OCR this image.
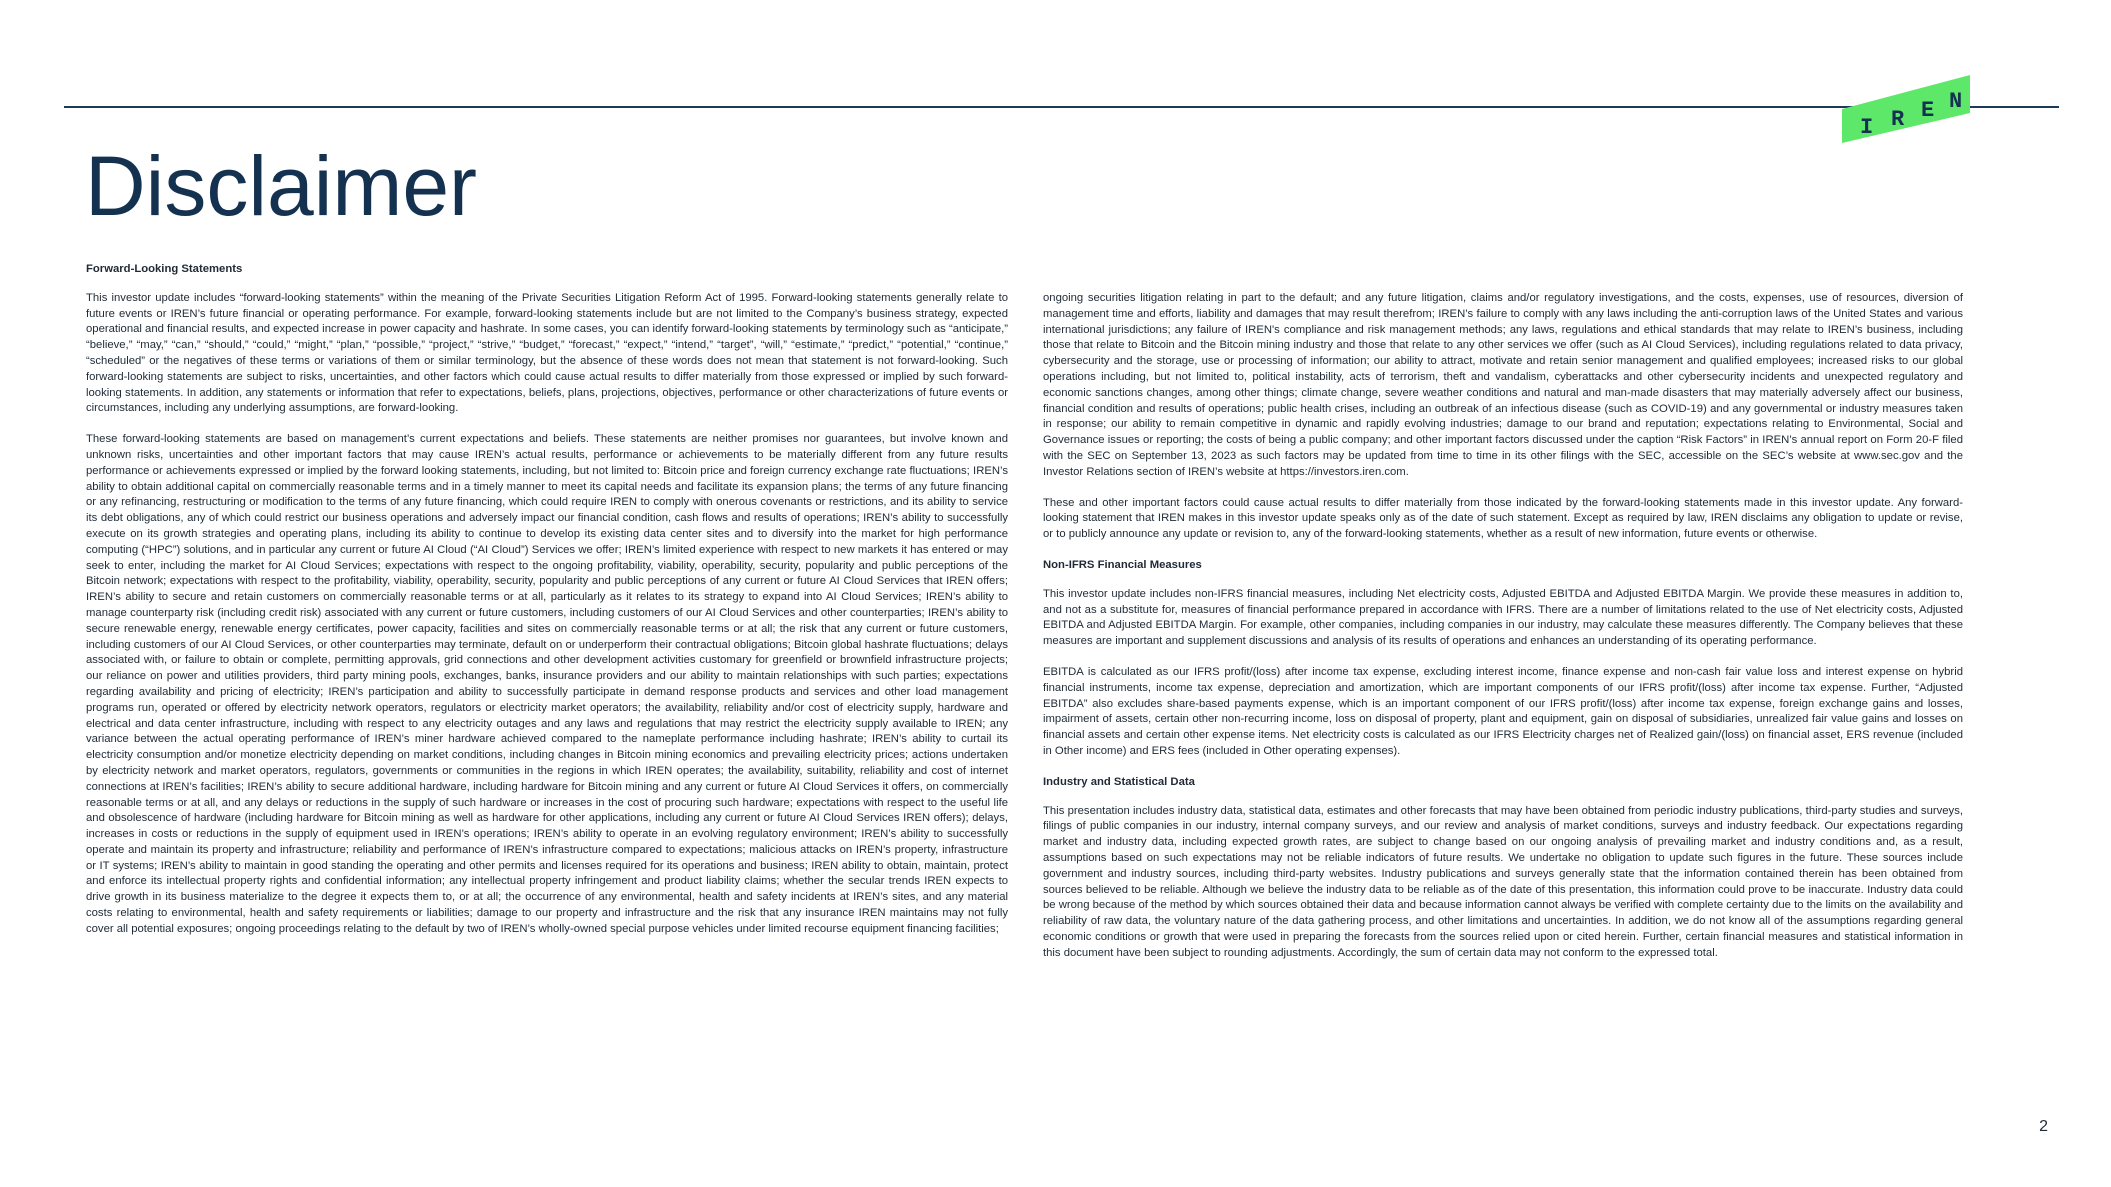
I R E N
Disclaimer

Forward-Looking Statements

This investor update includes “forward-looking statements” within the meaning of the Private Securities Litigation Reform Act of 1995. Forward-looking statements generally relate to future events or IREN’s future financial or operating performance. For example, forward-looking statements include but are not limited to the Company’s business strategy, expected operational and financial results, and expected increase in power capacity and hashrate. In some cases, you can identify forward-looking statements by terminology such as “anticipate,” “believe,” “may,” “can,” “should,” “could,” “might,” “plan,” “possible,” “project,” “strive,” “budget,” “forecast,” “expect,” “intend,” “target”, “will,” “estimate,” “predict,” “potential,” “continue,” “scheduled” or the negatives of these terms or variations of them or similar terminology, but the absence of these words does not mean that statement is not forward-looking. Such forward-looking statements are subject to risks, uncertainties, and other factors which could cause actual results to differ materially from those expressed or implied by such forward-looking statements. In addition, any statements or information that refer to expectations, beliefs, plans, projections, objectives, performance or other characterizations of future events or circumstances, including any underlying assumptions, are forward-looking.

These forward-looking statements are based on management’s current expectations and beliefs. These statements are neither promises nor guarantees, but involve known and unknown risks, uncertainties and other important factors that may cause IREN’s actual results, performance or achievements to be materially different from any future results performance or achievements expressed or implied by the forward looking statements, including, but not limited to: Bitcoin price and foreign currency exchange rate fluctuations; IREN’s ability to obtain additional capital on commercially reasonable terms and in a timely manner to meet its capital needs and facilitate its expansion plans; the terms of any future financing or any refinancing, restructuring or modification to the terms of any future financing, which could require IREN to comply with onerous covenants or restrictions, and its ability to service its debt obligations, any of which could restrict our business operations and adversely impact our financial condition, cash flows and results of operations; IREN’s ability to successfully execute on its growth strategies and operating plans, including its ability to continue to develop its existing data center sites and to diversify into the market for high performance computing (“HPC”) solutions, and in particular any current or future AI Cloud (“AI Cloud”) Services we offer; IREN’s limited experience with respect to new markets it has entered or may seek to enter, including the market for AI Cloud Services; expectations with respect to the ongoing profitability, viability, operability, security, popularity and public perceptions of the Bitcoin network; expectations with respect to the profitability, viability, operability, security, popularity and public perceptions of any current or future AI Cloud Services that IREN offers; IREN’s ability to secure and retain customers on commercially reasonable terms or at all, particularly as it relates to its strategy to expand into AI Cloud Services; IREN’s ability to manage counterparty risk (including credit risk) associated with any current or future customers, including customers of our AI Cloud Services and other counterparties; IREN’s ability to secure renewable energy, renewable energy certificates, power capacity, facilities and sites on commercially reasonable terms or at all; the risk that any current or future customers, including customers of our AI Cloud Services, or other counterparties may terminate, default on or underperform their contractual obligations; Bitcoin global hashrate fluctuations; delays associated with, or failure to obtain or complete, permitting approvals, grid connections and other development activities customary for greenfield or brownfield infrastructure projects; our reliance on power and utilities providers, third party mining pools, exchanges, banks, insurance providers and our ability to maintain relationships with such parties; expectations regarding availability and pricing of electricity; IREN’s participation and ability to successfully participate in demand response products and services and other load management programs run, operated or offered by electricity network operators, regulators or electricity market operators; the availability, reliability and/or cost of electricity supply, hardware and electrical and data center infrastructure, including with respect to any electricity outages and any laws and regulations that may restrict the electricity supply available to IREN; any variance between the actual operating performance of IREN’s miner hardware achieved compared to the nameplate performance including hashrate; IREN’s ability to curtail its electricity consumption and/or monetize electricity depending on market conditions, including changes in Bitcoin mining economics and prevailing electricity prices; actions undertaken by electricity network and market operators, regulators, governments or communities in the regions in which IREN operates; the availability, suitability, reliability and cost of internet connections at IREN’s facilities; IREN’s ability to secure additional hardware, including hardware for Bitcoin mining and any current or future AI Cloud Services it offers, on commercially reasonable terms or at all, and any delays or reductions in the supply of such hardware or increases in the cost of procuring such hardware; expectations with respect to the useful life and obsolescence of hardware (including hardware for Bitcoin mining as well as hardware for other applications, including any current or future AI Cloud Services IREN offers); delays, increases in costs or reductions in the supply of equipment used in IREN’s operations; IREN’s ability to operate in an evolving regulatory environment; IREN’s ability to successfully operate and maintain its property and infrastructure; reliability and performance of IREN’s infrastructure compared to expectations; malicious attacks on IREN’s property, infrastructure or IT systems; IREN’s ability to maintain in good standing the operating and other permits and licenses required for its operations and business; IREN ability to obtain, maintain, protect and enforce its intellectual property rights and confidential information; any intellectual property infringement and product liability claims; whether the secular trends IREN expects to drive growth in its business materialize to the degree it expects them to, or at all; the occurrence of any environmental, health and safety incidents at IREN’s sites, and any material costs relating to environmental, health and safety requirements or liabilities; damage to our property and infrastructure and the risk that any insurance IREN maintains may not fully cover all potential exposures; ongoing proceedings relating to the default by two of IREN’s wholly-owned special purpose vehicles under limited recourse equipment financing facilities;

ongoing securities litigation relating in part to the default; and any future litigation, claims and/or regulatory investigations, and the costs, expenses, use of resources, diversion of management time and efforts, liability and damages that may result therefrom; IREN’s failure to comply with any laws including the anti-corruption laws of the United States and various international jurisdictions; any failure of IREN's compliance and risk management methods; any laws, regulations and ethical standards that may relate to IREN’s business, including those that relate to Bitcoin and the Bitcoin mining industry and those that relate to any other services we offer (such as AI Cloud Services), including regulations related to data privacy, cybersecurity and the storage, use or processing of information; our ability to attract, motivate and retain senior management and qualified employees; increased risks to our global operations including, but not limited to, political instability, acts of terrorism, theft and vandalism, cyberattacks and other cybersecurity incidents and unexpected regulatory and economic sanctions changes, among other things; climate change, severe weather conditions and natural and man-made disasters that may materially adversely affect our business, financial condition and results of operations; public health crises, including an outbreak of an infectious disease (such as COVID-19) and any governmental or industry measures taken in response; our ability to remain competitive in dynamic and rapidly evolving industries; damage to our brand and reputation; expectations relating to Environmental, Social and Governance issues or reporting; the costs of being a public company; and other important factors discussed under the caption “Risk Factors” in IREN’s annual report on Form 20-F filed with the SEC on September 13, 2023 as such factors may be updated from time to time in its other filings with the SEC, accessible on the SEC’s website at www.sec.gov and the Investor Relations section of IREN’s website at https://investors.iren.com.

These and other important factors could cause actual results to differ materially from those indicated by the forward-looking statements made in this investor update. Any forward-looking statement that IREN makes in this investor update speaks only as of the date of such statement. Except as required by law, IREN disclaims any obligation to update or revise, or to publicly announce any update or revision to, any of the forward-looking statements, whether as a result of new information, future events or otherwise.

Non-IFRS Financial Measures

This investor update includes non-IFRS financial measures, including Net electricity costs, Adjusted EBITDA and Adjusted EBITDA Margin. We provide these measures in addition to, and not as a substitute for, measures of financial performance prepared in accordance with IFRS. There are a number of limitations related to the use of Net electricity costs, Adjusted EBITDA and Adjusted EBITDA Margin. For example, other companies, including companies in our industry, may calculate these measures differently. The Company believes that these measures are important and supplement discussions and analysis of its results of operations and enhances an understanding of its operating performance.

EBITDA is calculated as our IFRS profit/(loss) after income tax expense, excluding interest income, finance expense and non-cash fair value loss and interest expense on hybrid financial instruments, income tax expense, depreciation and amortization, which are important components of our IFRS profit/(loss) after income tax expense. Further, “Adjusted EBITDA” also excludes share-based payments expense, which is an important component of our IFRS profit/(loss) after income tax expense, foreign exchange gains and losses, impairment of assets, certain other non-recurring income, loss on disposal of property, plant and equipment, gain on disposal of subsidiaries, unrealized fair value gains and losses on financial assets and certain other expense items. Net electricity costs is calculated as our IFRS Electricity charges net of Realized gain/(loss) on financial asset, ERS revenue (included in Other income) and ERS fees (included in Other operating expenses).

Industry and Statistical Data

This presentation includes industry data, statistical data, estimates and other forecasts that may have been obtained from periodic industry publications, third-party studies and surveys, filings of public companies in our industry, internal company surveys, and our review and analysis of market conditions, surveys and industry feedback. Our expectations regarding market and industry data, including expected growth rates, are subject to change based on our ongoing analysis of prevailing market and industry conditions and, as a result, assumptions based on such expectations may not be reliable indicators of future results. We undertake no obligation to update such figures in the future. These sources include government and industry sources, including third-party websites. Industry publications and surveys generally state that the information contained therein has been obtained from sources believed to be reliable. Although we believe the industry data to be reliable as of the date of this presentation, this information could prove to be inaccurate. Industry data could be wrong because of the method by which sources obtained their data and because information cannot always be verified with complete certainty due to the limits on the availability and reliability of raw data, the voluntary nature of the data gathering process, and other limitations and uncertainties. In addition, we do not know all of the assumptions regarding general economic conditions or growth that were used in preparing the forecasts from the sources relied upon or cited herein. Further, certain financial measures and statistical information in this document have been subject to rounding adjustments. Accordingly, the sum of certain data may not conform to the expressed total.

2
